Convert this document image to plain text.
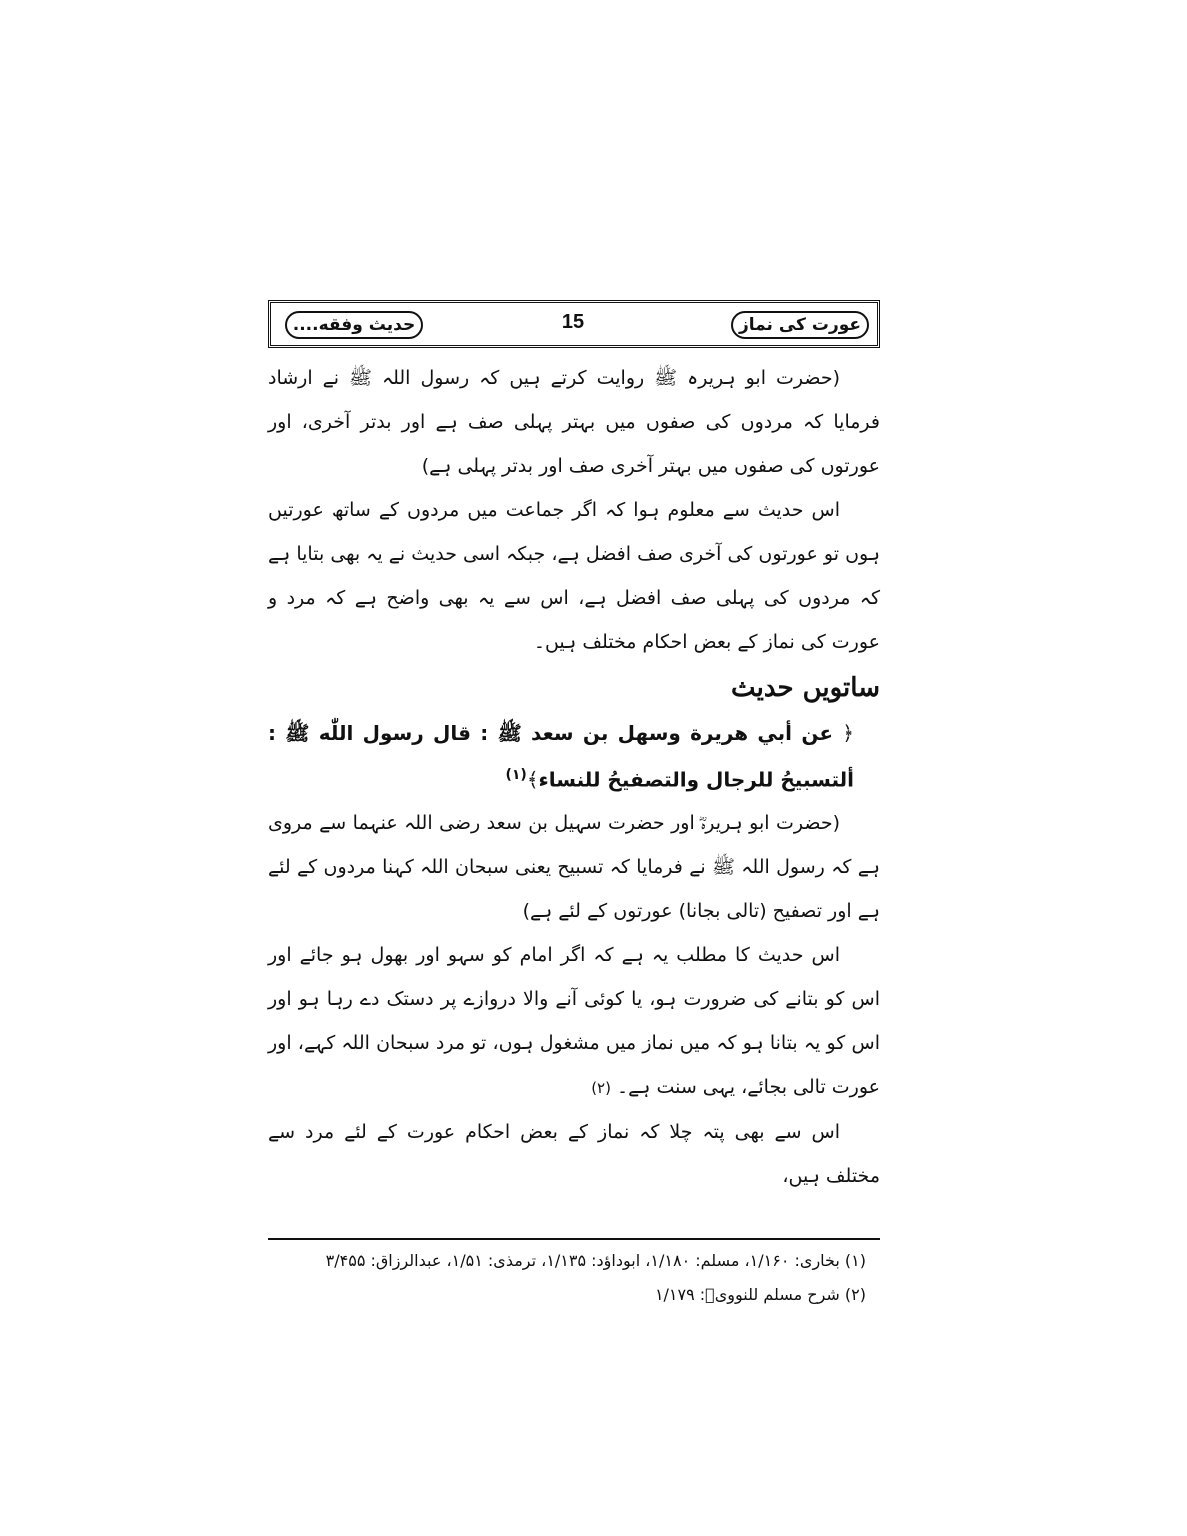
عورت کی نماز
15
حدیث وفقه....

(حضرت ابو ہریرہ ﷺ روایت کرتے ہیں کہ رسول اللہ ﷺ نے ارشاد فرمایا کہ مردوں کی صفوں میں بہتر پہلی صف ہے اور بدتر آخری، اور عورتوں کی صفوں میں بہتر آخری صف اور بدتر پہلی ہے)

اس حدیث سے معلوم ہوا کہ اگر جماعت میں مردوں کے ساتھ عورتیں ہوں تو عورتوں کی آخری صف افضل ہے، جبکہ اسی حدیث نے یہ بھی بتایا ہے کہ مردوں کی پہلی صف افضل ہے، اس سے یہ بھی واضح ہے کہ مرد و عورت کی نماز کے بعض احکام مختلف ہیں۔

ساتویں حدیث

﴿ عن أبي هريرة وسهل بن سعد ﷺ : قال رسول اللّٰه ﷺ : ألتسبيحُ للرجال والتصفيحُ للنساء﴾$^{(۱)}$

(حضرت ابو ہریرہؓ اور حضرت سہیل بن سعد رضی اللہ عنہما سے مروی ہے کہ رسول اللہ ﷺ نے فرمایا کہ تسبیح یعنی سبحان اللہ کہنا مردوں کے لئے ہے اور تصفیح (تالی بجانا) عورتوں کے لئے ہے)

اس حدیث کا مطلب یہ ہے کہ اگر امام کو سہو اور بھول ہو جائے اور اس کو بتانے کی ضرورت ہو، یا کوئی آنے والا دروازے پر دستک دے رہا ہو اور اس کو یہ بتانا ہو کہ میں نماز میں مشغول ہوں، تو مرد سبحان اللہ کہے، اور عورت تالی بجائے، یہی سنت ہے۔ (۲)

اس سے بھی پتہ چلا کہ نماز کے بعض احکام عورت کے لئے مرد سے مختلف ہیں،

(۱) بخاری: ۱/۱۶۰، مسلم: ۱/۱۸۰، ابوداؤد: ۱/۱۳۵، ترمذی: ۱/۵۱، عبدالرزاق: ۳/۴۵۵

(۲) شرح مسلم للنوویؒ: ۱/۱۷۹
